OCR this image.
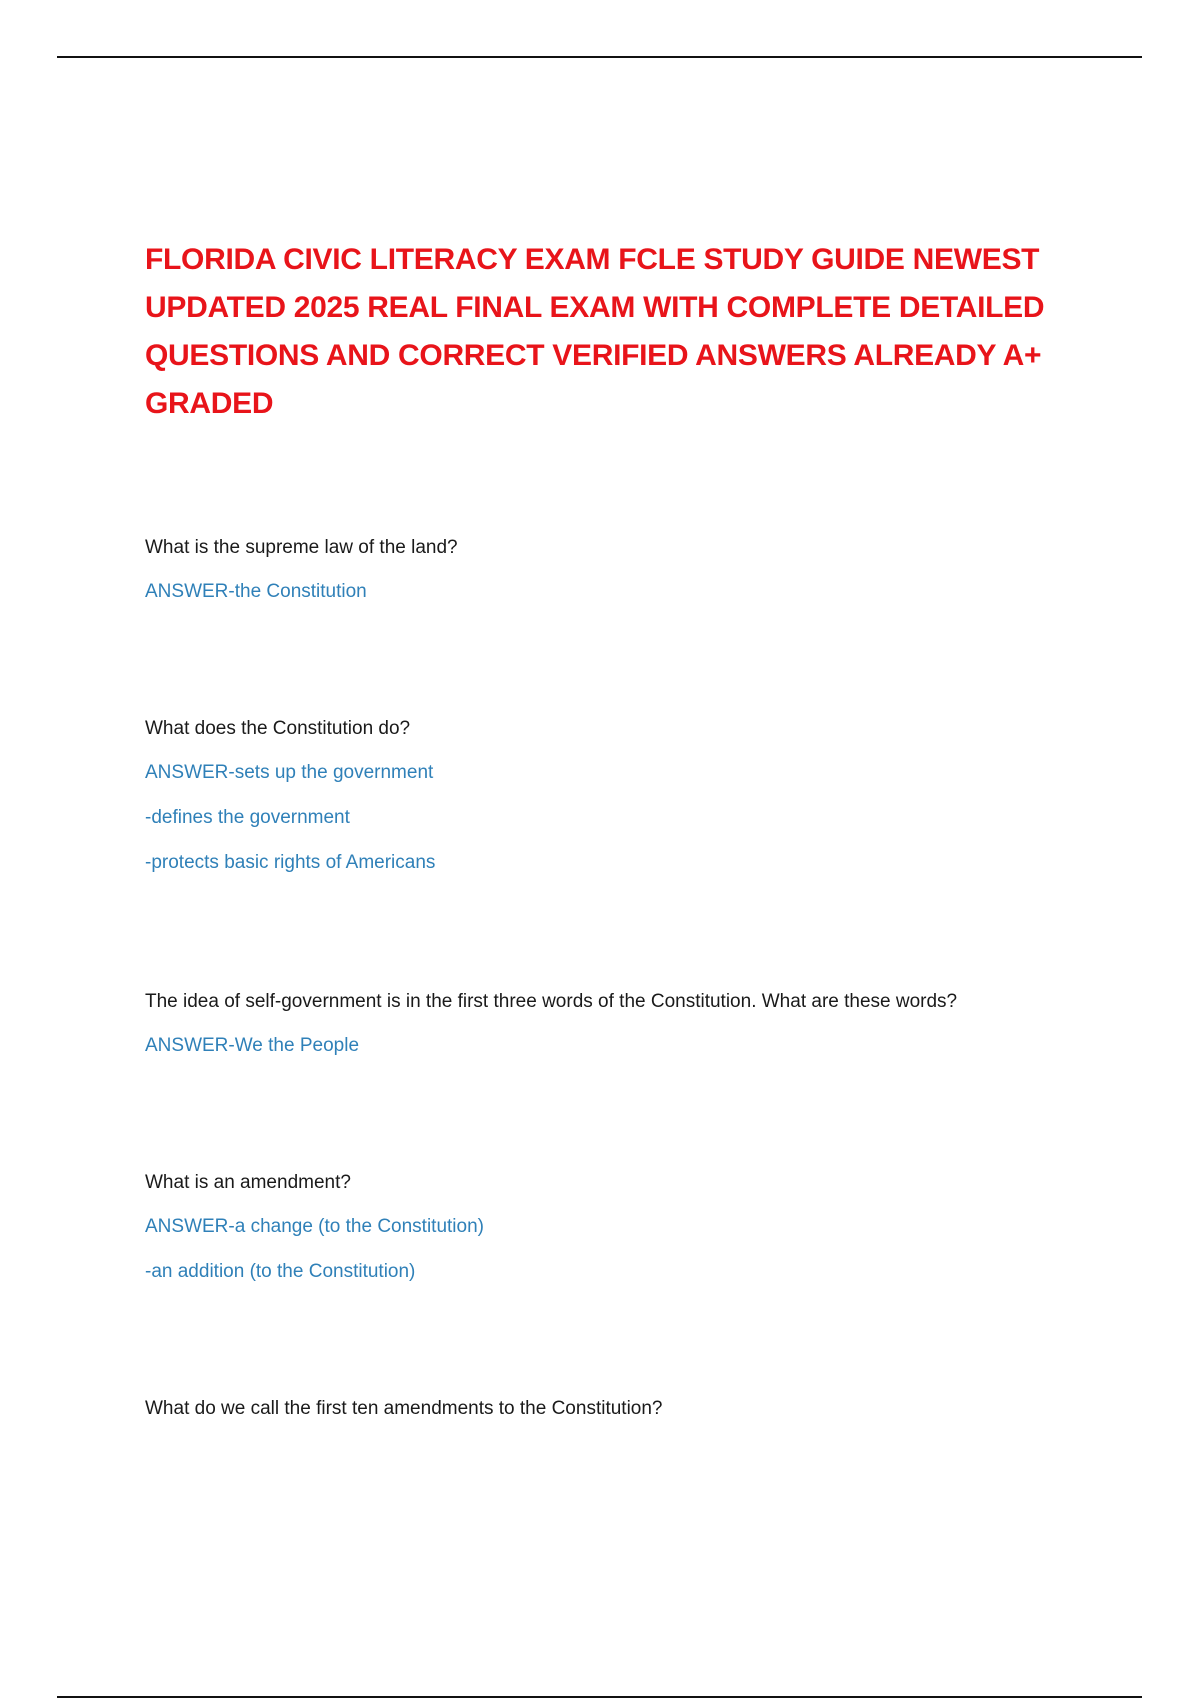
FLORIDA CIVIC LITERACY EXAM FCLE STUDY GUIDE NEWEST UPDATED 2025 REAL FINAL EXAM WITH COMPLETE DETAILED QUESTIONS AND CORRECT VERIFIED ANSWERS ALREADY A+ GRADED

What is the supreme law of the land?

ANSWER-the Constitution

What does the Constitution do?

ANSWER-sets up the government
-defines the government
-protects basic rights of Americans

The idea of self-government is in the first three words of the Constitution. What are these words?

ANSWER-We the People

What is an amendment?

ANSWER-a change (to the Constitution)
-an addition (to the Constitution)

What do we call the first ten amendments to the Constitution?
